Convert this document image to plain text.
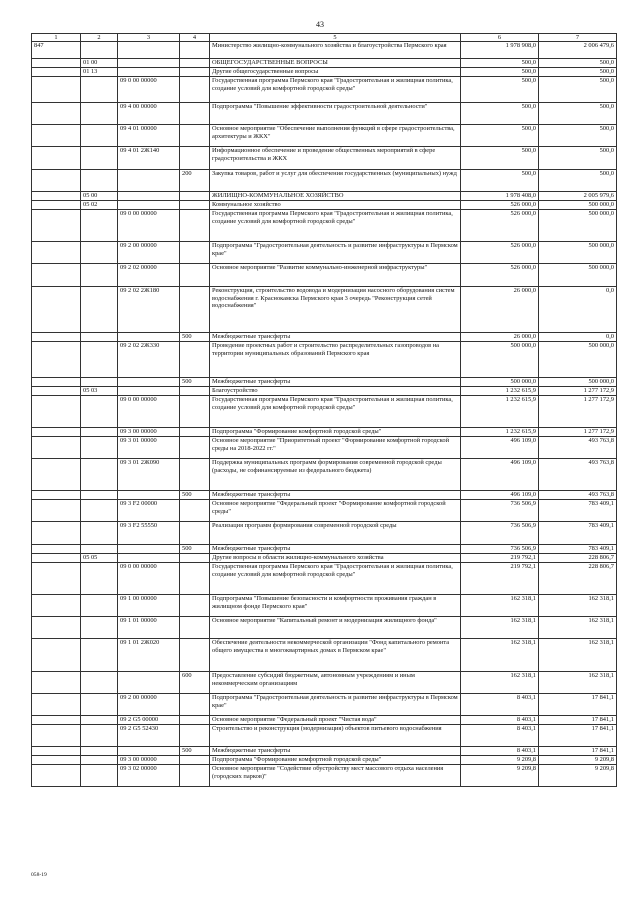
43
1	2	3	4	5	6	7
847				Министерство жилищно-коммунального хозяйства и благоустройства Пермского края	1 978 908,0	2 006 479,6
	01 00			ОБЩЕГОСУДАРСТВЕННЫЕ ВОПРОСЫ	500,0	500,0
	01 13			Другие общегосударственные вопросы	500,0	500,0
		09 0 00 00000		Государственная программа Пермского края "Градостроительная и жилищная политика, создание условий для комфортной городской среды"	500,0	500,0
		09 4 00 00000		Подпрограмма "Повышение эффективности градостроительной деятельности"	500,0	500,0
		09 4 01 00000		Основное мероприятие "Обеспечение выполнения функций в сфере градостроительства, архитектуры и ЖКХ"	500,0	500,0
		09 4 01 2Ж140		Информационное обеспечение и проведение общественных мероприятий в сфере градостроительства и ЖКХ	500,0	500,0
			200	Закупка товаров, работ и услуг для обеспечения государственных (муниципальных) нужд	500,0	500,0
	05 00			ЖИЛИЩНО-КОММУНАЛЬНОЕ ХОЗЯЙСТВО	1 978 408,0	2 005 979,6
	05 02			Коммунальное хозяйство	526 000,0	500 000,0
		09 0 00 00000		Государственная программа Пермского края "Градостроительная и жилищная политика, создание условий для комфортной городской среды"	526 000,0	500 000,0
		09 2 00 00000		Подпрограмма "Градостроительная деятельность и развитие инфраструктуры в Пермском крае"	526 000,0	500 000,0
		09 2 02 00000		Основное мероприятие "Развитие коммунально-инженерной инфраструктуры"	526 000,0	500 000,0
		09 2 02 2Ж180		Реконструкция, строительство водовода и модернизация насосного оборудования систем водоснабжения г. Краснокамска Пермского края 3 очередь "Реконструкция сетей водоснабжения"	26 000,0	0,0
			500	Межбюджетные трансферты	26 000,0	0,0
		09 2 02 2Ж330		Проведение проектных работ и строительство распределительных газопроводов на территории муниципальных образований Пермского края	500 000,0	500 000,0
			500	Межбюджетные трансферты	500 000,0	500 000,0
	05 03			Благоустройство	1 232 615,9	1 277 172,9
		09 0 00 00000		Государственная программа Пермского края "Градостроительная и жилищная политика, создание условий для комфортной городской среды"	1 232 615,9	1 277 172,9
		09 3 00 00000		Подпрограмма "Формирование комфортной городской среды"	1 232 615,9	1 277 172,9
		09 3 01 00000		Основное мероприятие "Приоритетный проект "Формирование комфортной городской среды на 2018-2022 гг."	496 109,0	493 763,8
		09 3 01 2Ж090		Поддержка муниципальных программ формирования современной городской среды (расходы, не софинансируемые из федерального бюджета)	496 109,0	493 763,8
			500	Межбюджетные трансферты	496 109,0	493 763,8
		09 3 F2 00000		Основное мероприятие "Федеральный проект "Формирование комфортной городской среды"	736 506,9	783 409,1
		09 3 F2 55550		Реализация программ формирования современной городской среды	736 506,9	783 409,1
			500	Межбюджетные трансферты	736 506,9	783 409,1
	05 05			Другие вопросы в области жилищно-коммунального хозяйства	219 792,1	228 806,7
		09 0 00 00000		Государственная программа Пермского края "Градостроительная и жилищная политика, создание условий для комфортной городской среды"	219 792,1	228 806,7
		09 1 00 00000		Подпрограмма "Повышение безопасности и комфортности проживания граждан в жилищном фонде Пермского края"	162 318,1	162 318,1
		09 1 01 00000		Основное мероприятие "Капитальный ремонт и модернизация жилищного фонда"	162 318,1	162 318,1
		09 1 01 2Ж020		Обеспечение деятельности некоммерческой организации "Фонд капитального ремонта общего имущества в многоквартирных домах в Пермском крае"	162 318,1	162 318,1
			600	Предоставление субсидий бюджетным, автономным учреждениям и иным некоммерческим организациям	162 318,1	162 318,1
		09 2 00 00000		Подпрограмма "Градостроительная деятельность и развитие инфраструктуры в Пермском крае"	8 403,1	17 841,1
		09 2 G5 00000		Основное мероприятие "Федеральный проект "Чистая вода"	8 403,1	17 841,1
		09 2 G5 52430		Строительство и реконструкция (модернизация) объектов питьевого водоснабжения	8 403,1	17 841,1
			500	Межбюджетные трансферты	8 403,1	17 841,1
		09 3 00 00000		Подпрограмма "Формирование комфортной городской среды"	9 209,8	9 209,8
		09 3 02 00000		Основное мероприятие "Содействие обустройству мест массового отдыха населения (городских парков)"	9 209,8	9 209,8
058-19
